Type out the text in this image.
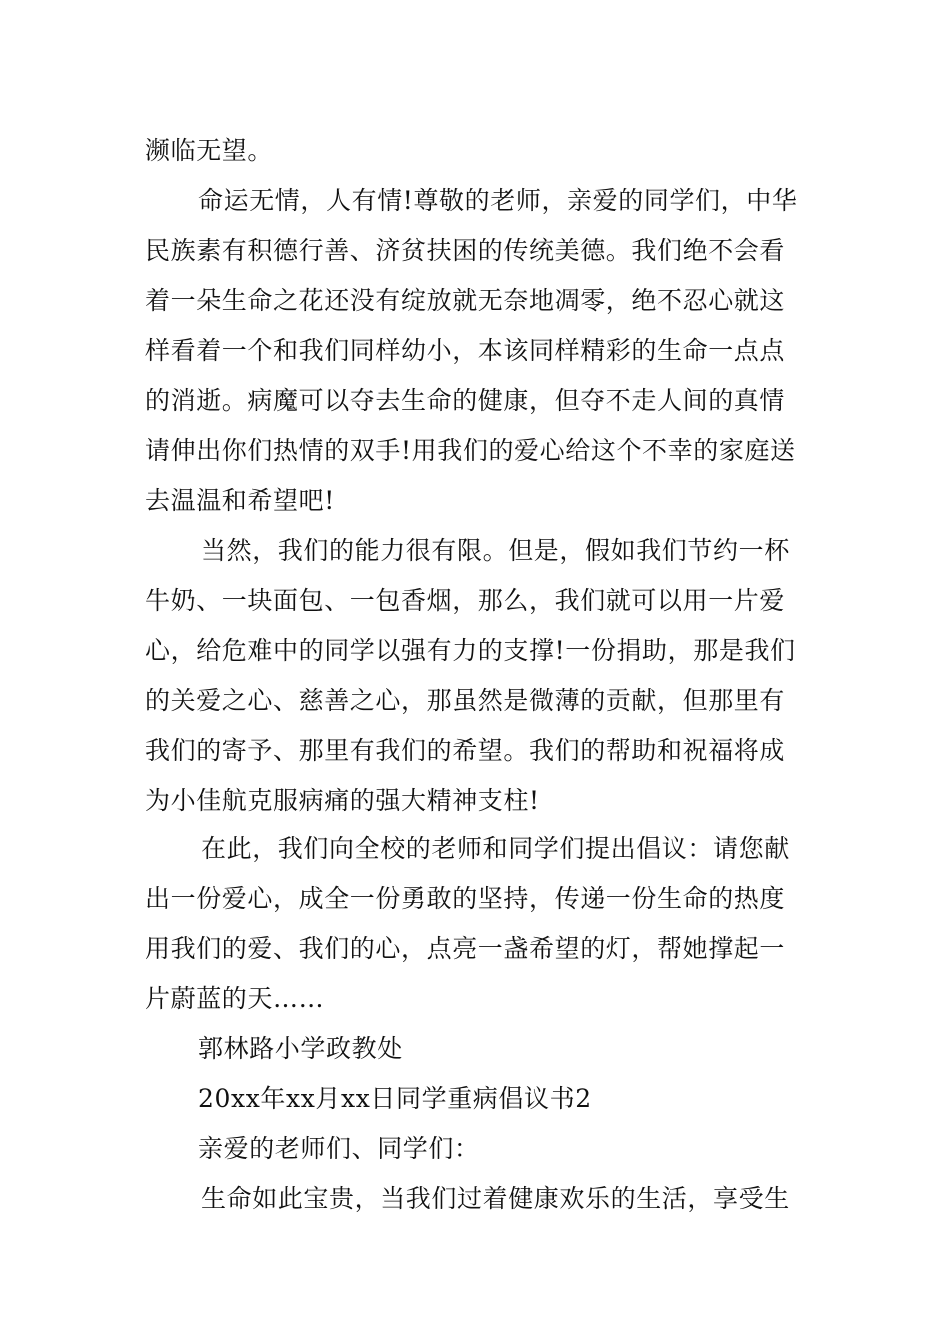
濒临无望。
命运无情，人有情!尊敬的老师，亲爱的同学们，中华
民族素有积德行善、济贫扶困的传统美德。我们绝不会看
着一朵生命之花还没有绽放就无奈地凋零，绝不忍心就这
样看着一个和我们同样幼小，本该同样精彩的生命一点点
的消逝。病魔可以夺去生命的健康，但夺不走人间的真情
请伸出你们热情的双手!用我们的爱心给这个不幸的家庭送
去温温和希望吧!
当然，我们的能力很有限。但是，假如我们节约一杯
牛奶、一块面包、一包香烟，那么，我们就可以用一片爱
心，给危难中的同学以强有力的支撑!一份捐助，那是我们
的关爱之心、慈善之心，那虽然是微薄的贡献，但那里有
我们的寄予、那里有我们的希望。我们的帮助和祝福将成
为小佳航克服病痛的强大精神支柱!
在此，我们向全校的老师和同学们提出倡议：请您献
出一份爱心，成全一份勇敢的坚持，传递一份生命的热度
用我们的爱、我们的心，点亮一盏希望的灯，帮她撑起一
片蔚蓝的天……
郭林路小学政教处
20xx年xx月xx日同学重病倡议书2
亲爱的老师们、同学们：
生命如此宝贵，当我们过着健康欢乐的生活，享受生
